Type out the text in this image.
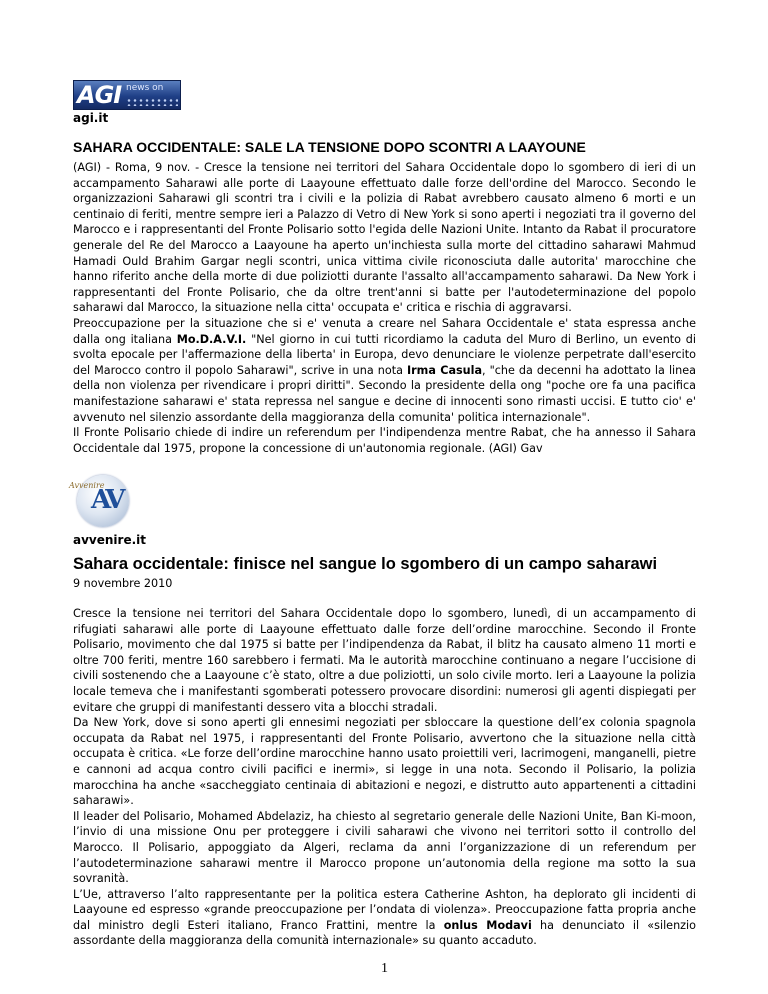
AGI news on
agi.it
SAHARA OCCIDENTALE: SALE LA TENSIONE DOPO SCONTRI A LAAYOUNE

(AGI) - Roma, 9 nov. - Cresce la tensione nei territori del Sahara Occidentale dopo lo sgombero di ieri di un accampamento Saharawi alle porte di Laayoune effettuato dalle forze dell'ordine del Marocco. Secondo le organizzazioni Saharawi gli scontri tra i civili e la polizia di Rabat avrebbero causato almeno 6 morti e un centinaio di feriti, mentre sempre ieri a Palazzo di Vetro di New York si sono aperti i negoziati tra il governo del Marocco e i rappresentanti del Fronte Polisario sotto l'egida delle Nazioni Unite. Intanto da Rabat il procuratore generale del Re del Marocco a Laayoune ha aperto un'inchiesta sulla morte del cittadino saharawi Mahmud Hamadi Ould Brahim Gargar negli scontri, unica vittima civile riconosciuta dalle autorita' marocchine che hanno riferito anche della morte di due poliziotti durante l'assalto all'accampamento saharawi. Da New York i rappresentanti del Fronte Polisario, che da oltre trent'anni si batte per l'autodeterminazione del popolo saharawi dal Marocco, la situazione nella citta' occupata e' critica e rischia di aggravarsi.

Preoccupazione per la situazione che si e' venuta a creare nel Sahara Occidentale e' stata espressa anche dalla ong italiana Mo.D.A.V.I. "Nel giorno in cui tutti ricordiamo la caduta del Muro di Berlino, un evento di svolta epocale per l'affermazione della liberta' in Europa, devo denunciare le violenze perpetrate dall'esercito del Marocco contro il popolo Saharawi", scrive in una nota Irma Casula, "che da decenni ha adottato la linea della non violenza per rivendicare i propri diritti". Secondo la presidente della ong "poche ore fa una pacifica manifestazione saharawi e' stata repressa nel sangue e decine di innocenti sono rimasti uccisi. E tutto cio' e' avvenuto nel silenzio assordante della maggioranza della comunita' politica internazionale".

Il Fronte Polisario chiede di indire un referendum per l'indipendenza mentre Rabat, che ha annesso il Sahara Occidentale dal 1975, propone la concessione di un'autonomia regionale. (AGI) Gav

Avvenire
AV
avvenire.it
Sahara occidentale: finisce nel sangue lo sgombero di un campo saharawi
9 novembre 2010

Cresce la tensione nei territori del Sahara Occidentale dopo lo sgombero, lunedì, di un accampamento di rifugiati saharawi alle porte di Laayoune effettuato dalle forze dell’ordine marocchine. Secondo il Fronte Polisario, movimento che dal 1975 si batte per l’indipendenza da Rabat, il blitz ha causato almeno 11 morti e oltre 700 feriti, mentre 160 sarebbero i fermati. Ma le autorità marocchine continuano a negare l’uccisione di civili sostenendo che a Laayoune c’è stato, oltre a due poliziotti, un solo civile morto. Ieri a Laayoune la polizia locale temeva che i manifestanti sgomberati potessero provocare disordini: numerosi gli agenti dispiegati per evitare che gruppi di manifestanti dessero vita a blocchi stradali.

Da New York, dove si sono aperti gli ennesimi negoziati per sbloccare la questione dell’ex colonia spagnola occupata da Rabat nel 1975, i rappresentanti del Fronte Polisario, avvertono che la situazione nella città occupata è critica. «Le forze dell’ordine marocchine hanno usato proiettili veri, lacrimogeni, manganelli, pietre e cannoni ad acqua contro civili pacifici e inermi», si legge in una nota. Secondo il Polisario, la polizia marocchina ha anche «saccheggiato centinaia di abitazioni e negozi, e distrutto auto appartenenti a cittadini saharawi».

Il leader del Polisario, Mohamed Abdelaziz, ha chiesto al segretario generale delle Nazioni Unite, Ban Ki-moon, l’invio di una missione Onu per proteggere i civili saharawi che vivono nei territori sotto il controllo del Marocco. Il Polisario, appoggiato da Algeri, reclama da anni l’organizzazione di un referendum per l’autodeterminazione saharawi mentre il Marocco propone un’autonomia della regione ma sotto la sua sovranità.

L’Ue, attraverso l’alto rappresentante per la politica estera Catherine Ashton, ha deplorato gli incidenti di Laayoune ed espresso «grande preoccupazione per l’ondata di violenza». Preoccupazione fatta propria anche dal ministro degli Esteri italiano, Franco Frattini, mentre la onlus Modavi ha denunciato il «silenzio assordante della maggioranza della comunità internazionale» su quanto accaduto.

1
